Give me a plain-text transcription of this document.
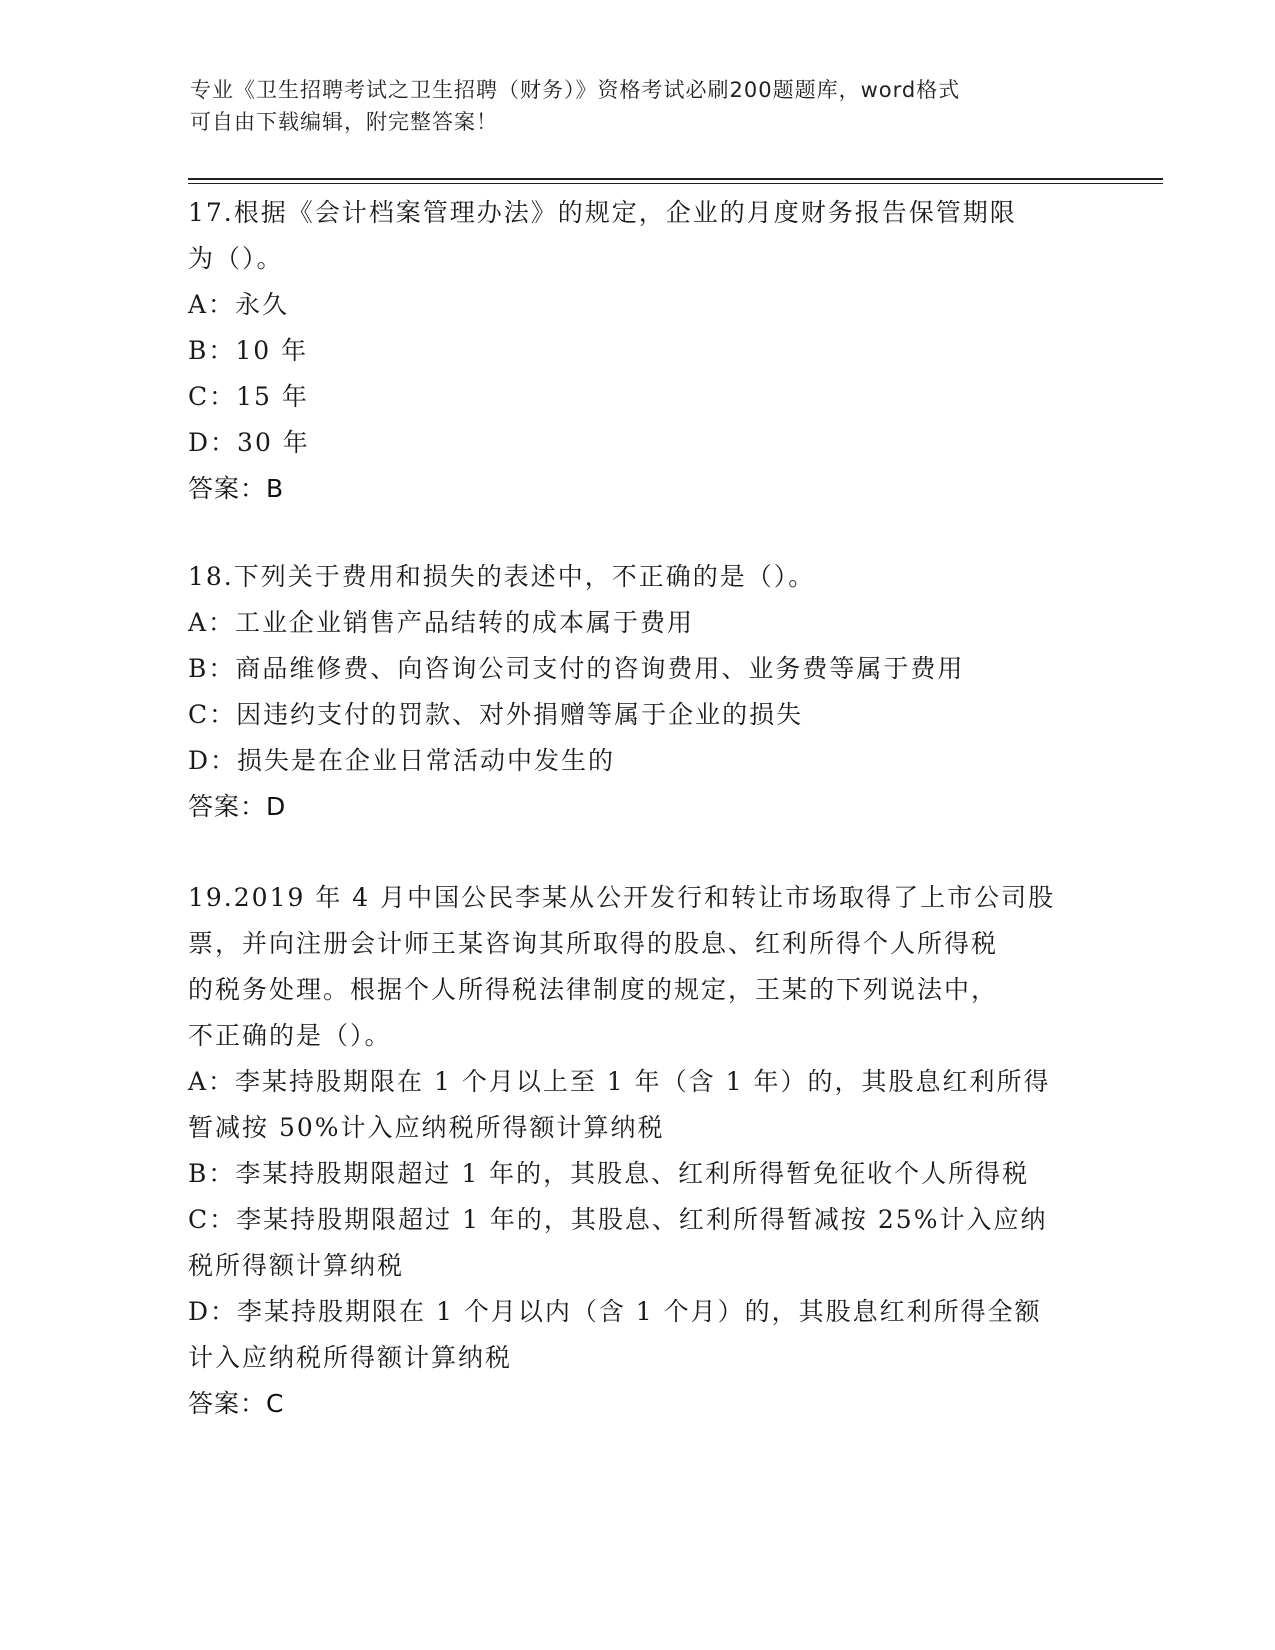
专业《卫生招聘考试之卫生招聘（财务）》资格考试必刷200题题库，word格式
可自由下载编辑，附完整答案！
17.根据《会计档案管理办法》的规定，企业的月度财务报告保管期限
为（）。
A：永久
B：10 年
C：15 年
D：30 年
答案：B
18.下列关于费用和损失的表述中，不正确的是（）。
A：工业企业销售产品结转的成本属于费用
B：商品维修费、向咨询公司支付的咨询费用、业务费等属于费用
C：因违约支付的罚款、对外捐赠等属于企业的损失
D：损失是在企业日常活动中发生的
答案：D
19.2019 年 4 月中国公民李某从公开发行和转让市场取得了上市公司股
票，并向注册会计师王某咨询其所取得的股息、红利所得个人所得税
的税务处理。根据个人所得税法律制度的规定，王某的下列说法中，
不正确的是（）。
A：李某持股期限在 1 个月以上至 1 年（含 1 年）的，其股息红利所得
暂减按 50%计入应纳税所得额计算纳税
B：李某持股期限超过 1 年的，其股息、红利所得暂免征收个人所得税
C：李某持股期限超过 1 年的，其股息、红利所得暂减按 25%计入应纳
税所得额计算纳税
D：李某持股期限在 1 个月以内（含 1 个月）的，其股息红利所得全额
计入应纳税所得额计算纳税
答案：C
